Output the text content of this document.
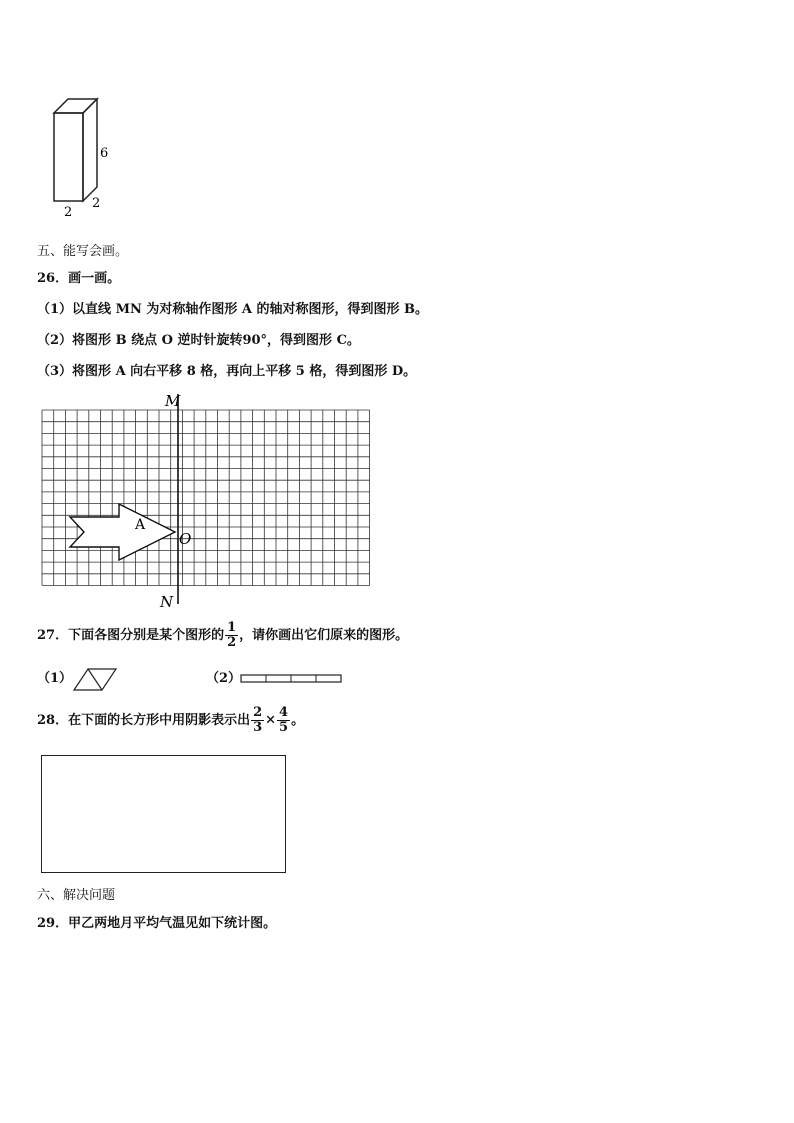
6
2
2
五、能写会画。
26．画一画。
（1）以直线 MN 为对称轴作图形 A 的轴对称图形，得到图形 B。
（2）将图形 B 绕点 O 逆时针旋转90°，得到图形 C。
（3）将图形 A 向右平移 8 格，再向上平移 5 格，得到图形 D。
M
N
O
A
27．下面各图分别是某个图形的 $\frac{1}{2}$ ，请你画出它们原来的图形。
（1）	（2）
28．在下面的长方形中用阴影表示出 $\frac{2}{3} \times \frac{4}{5}$ 。
六、解决问题
29．甲乙两地月平均气温见如下统计图。
